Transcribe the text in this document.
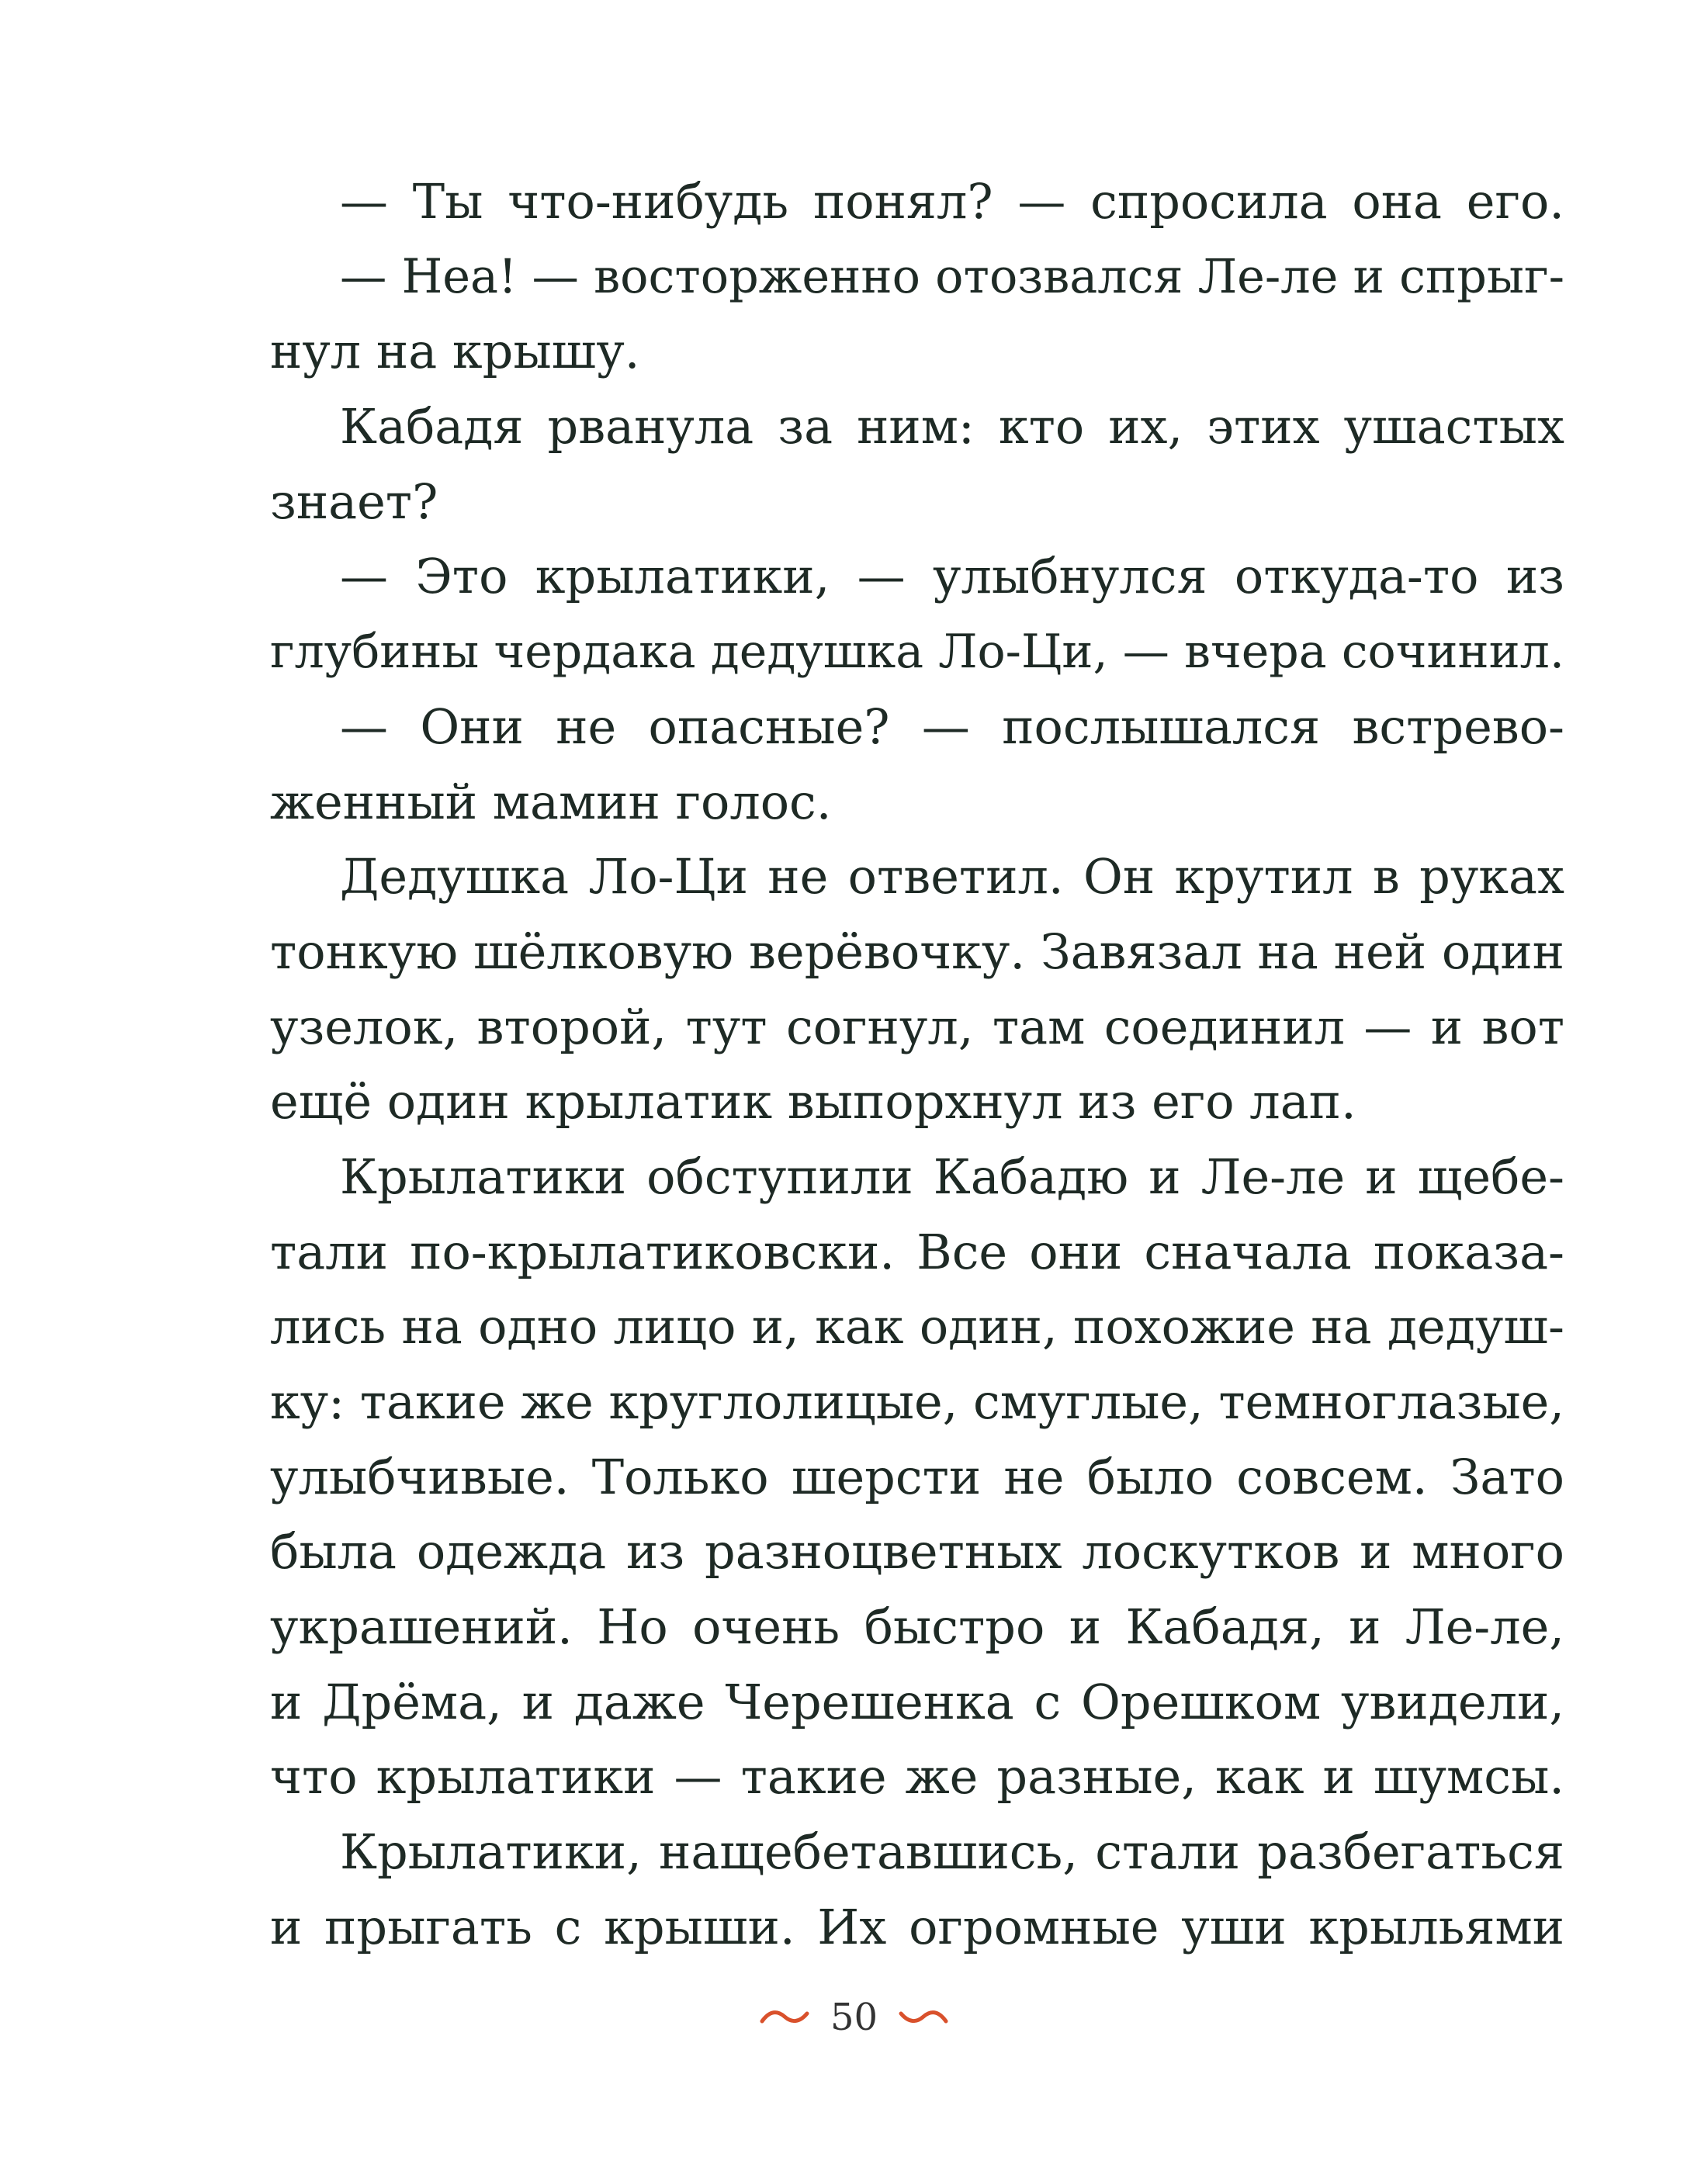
— Ты что-нибудь понял? — спросила она его.
— Неа! — восторженно отозвался Ле-ле и спрыг-
нул на крышу.
Кабадя рванула за ним: кто их, этих ушастых
знает?
— Это крылатики, — улыбнулся откуда-то из
глубины чердака дедушка Ло-Ци, — вчера сочинил.
— Они не опасные? — послышался встрево-
женный мамин голос.
Дедушка Ло-Ци не ответил. Он крутил в руках
тонкую шёлковую верёвочку. Завязал на ней один
узелок, второй, тут согнул, там соединил — и вот
ещё один крылатик выпорхнул из его лап.
Крылатики обступили Кабадю и Ле-ле и щебе-
тали по-крылатиковски. Все они сначала показа-
лись на одно лицо и, как один, похожие на дедуш-
ку: такие же круглолицые, смуглые, темноглазые,
улыбчивые. Только шерсти не было совсем. Зато
была одежда из разноцветных лоскутков и много
украшений. Но очень быстро и Кабадя, и Ле-ле,
и Дрёма, и даже Черешенка с Орешком увидели,
что крылатики — такие же разные, как и шумсы.
Крылатики, нащебетавшись, стали разбегаться
и прыгать с крыши. Их огромные уши крыльями
50
